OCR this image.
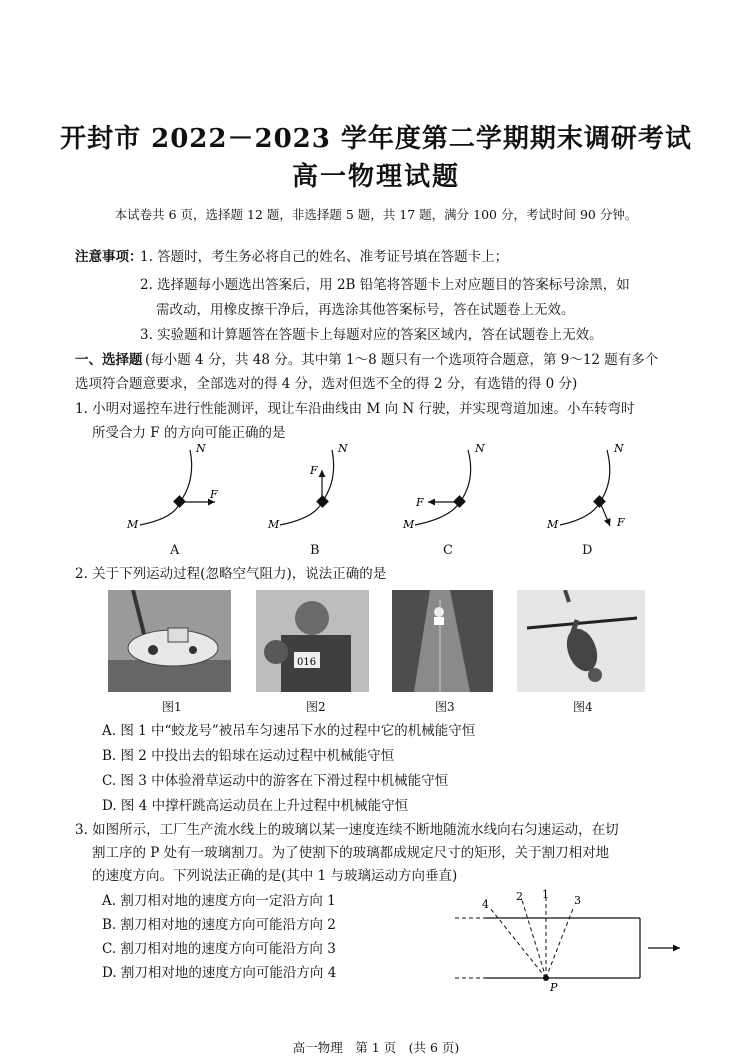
开封市 2022－2023 学年度第二学期期末调研考试
高一物理试题
本试卷共 6 页，选择题 12 题，非选择题 5 题，共 17 题，满分 100 分，考试时间 90 分钟。
注意事项：
1. 答题时，考生务必将自己的姓名、准考证号填在答题卡上；
2. 选择题每小题选出答案后，用 2B 铅笔将答题卡上对应题目的答案标号涂黑，如
需改动，用橡皮擦干净后，再选涂其他答案标号，答在试题卷上无效。
3. 实验题和计算题答在答题卡上每题对应的答案区域内，答在试题卷上无效。
一、选择题 (每小题 4 分，共 48 分。其中第 1～8 题只有一个选项符合题意，第 9～12 题有多个
选项符合题意要求，全部选对的得 4 分，选对但选不全的得 2 分，有选错的得 0 分)
1. 小明对遥控车进行性能测评，现让车沿曲线由 M 向 N 行驶，并实现弯道加速。小车转弯时
所受合力 F 的方向可能正确的是
N
M
F
N
M
F
N
M
F
N
M	F
A	B	C	D
2. 关于下列运动过程(忽略空气阻力)，说法正确的是
016
图1	图2	图3	图4
A. 图 1 中“蛟龙号”被吊车匀速吊下水的过程中它的机械能守恒
B. 图 2 中投出去的铅球在运动过程中机械能守恒
C. 图 3 中体验滑草运动中的游客在下滑过程中机械能守恒
D. 图 4 中撑杆跳高运动员在上升过程中机械能守恒
3. 如图所示，工厂生产流水线上的玻璃以某一速度连续不断地随流水线向右匀速运动，在切
割工序的 P 处有一玻璃割刀。为了使割下的玻璃都成规定尺寸的矩形，关于割刀相对地
的速度方向。下列说法正确的是(其中 1 与玻璃运动方向垂直)
A. 割刀相对地的速度方向一定沿方向 1
B. 割刀相对地的速度方向可能沿方向 2
C. 割刀相对地的速度方向可能沿方向 3
D. 割刀相对地的速度方向可能沿方向 4
4
2 1 3
P
高一物理　第 1 页　(共 6 页)
